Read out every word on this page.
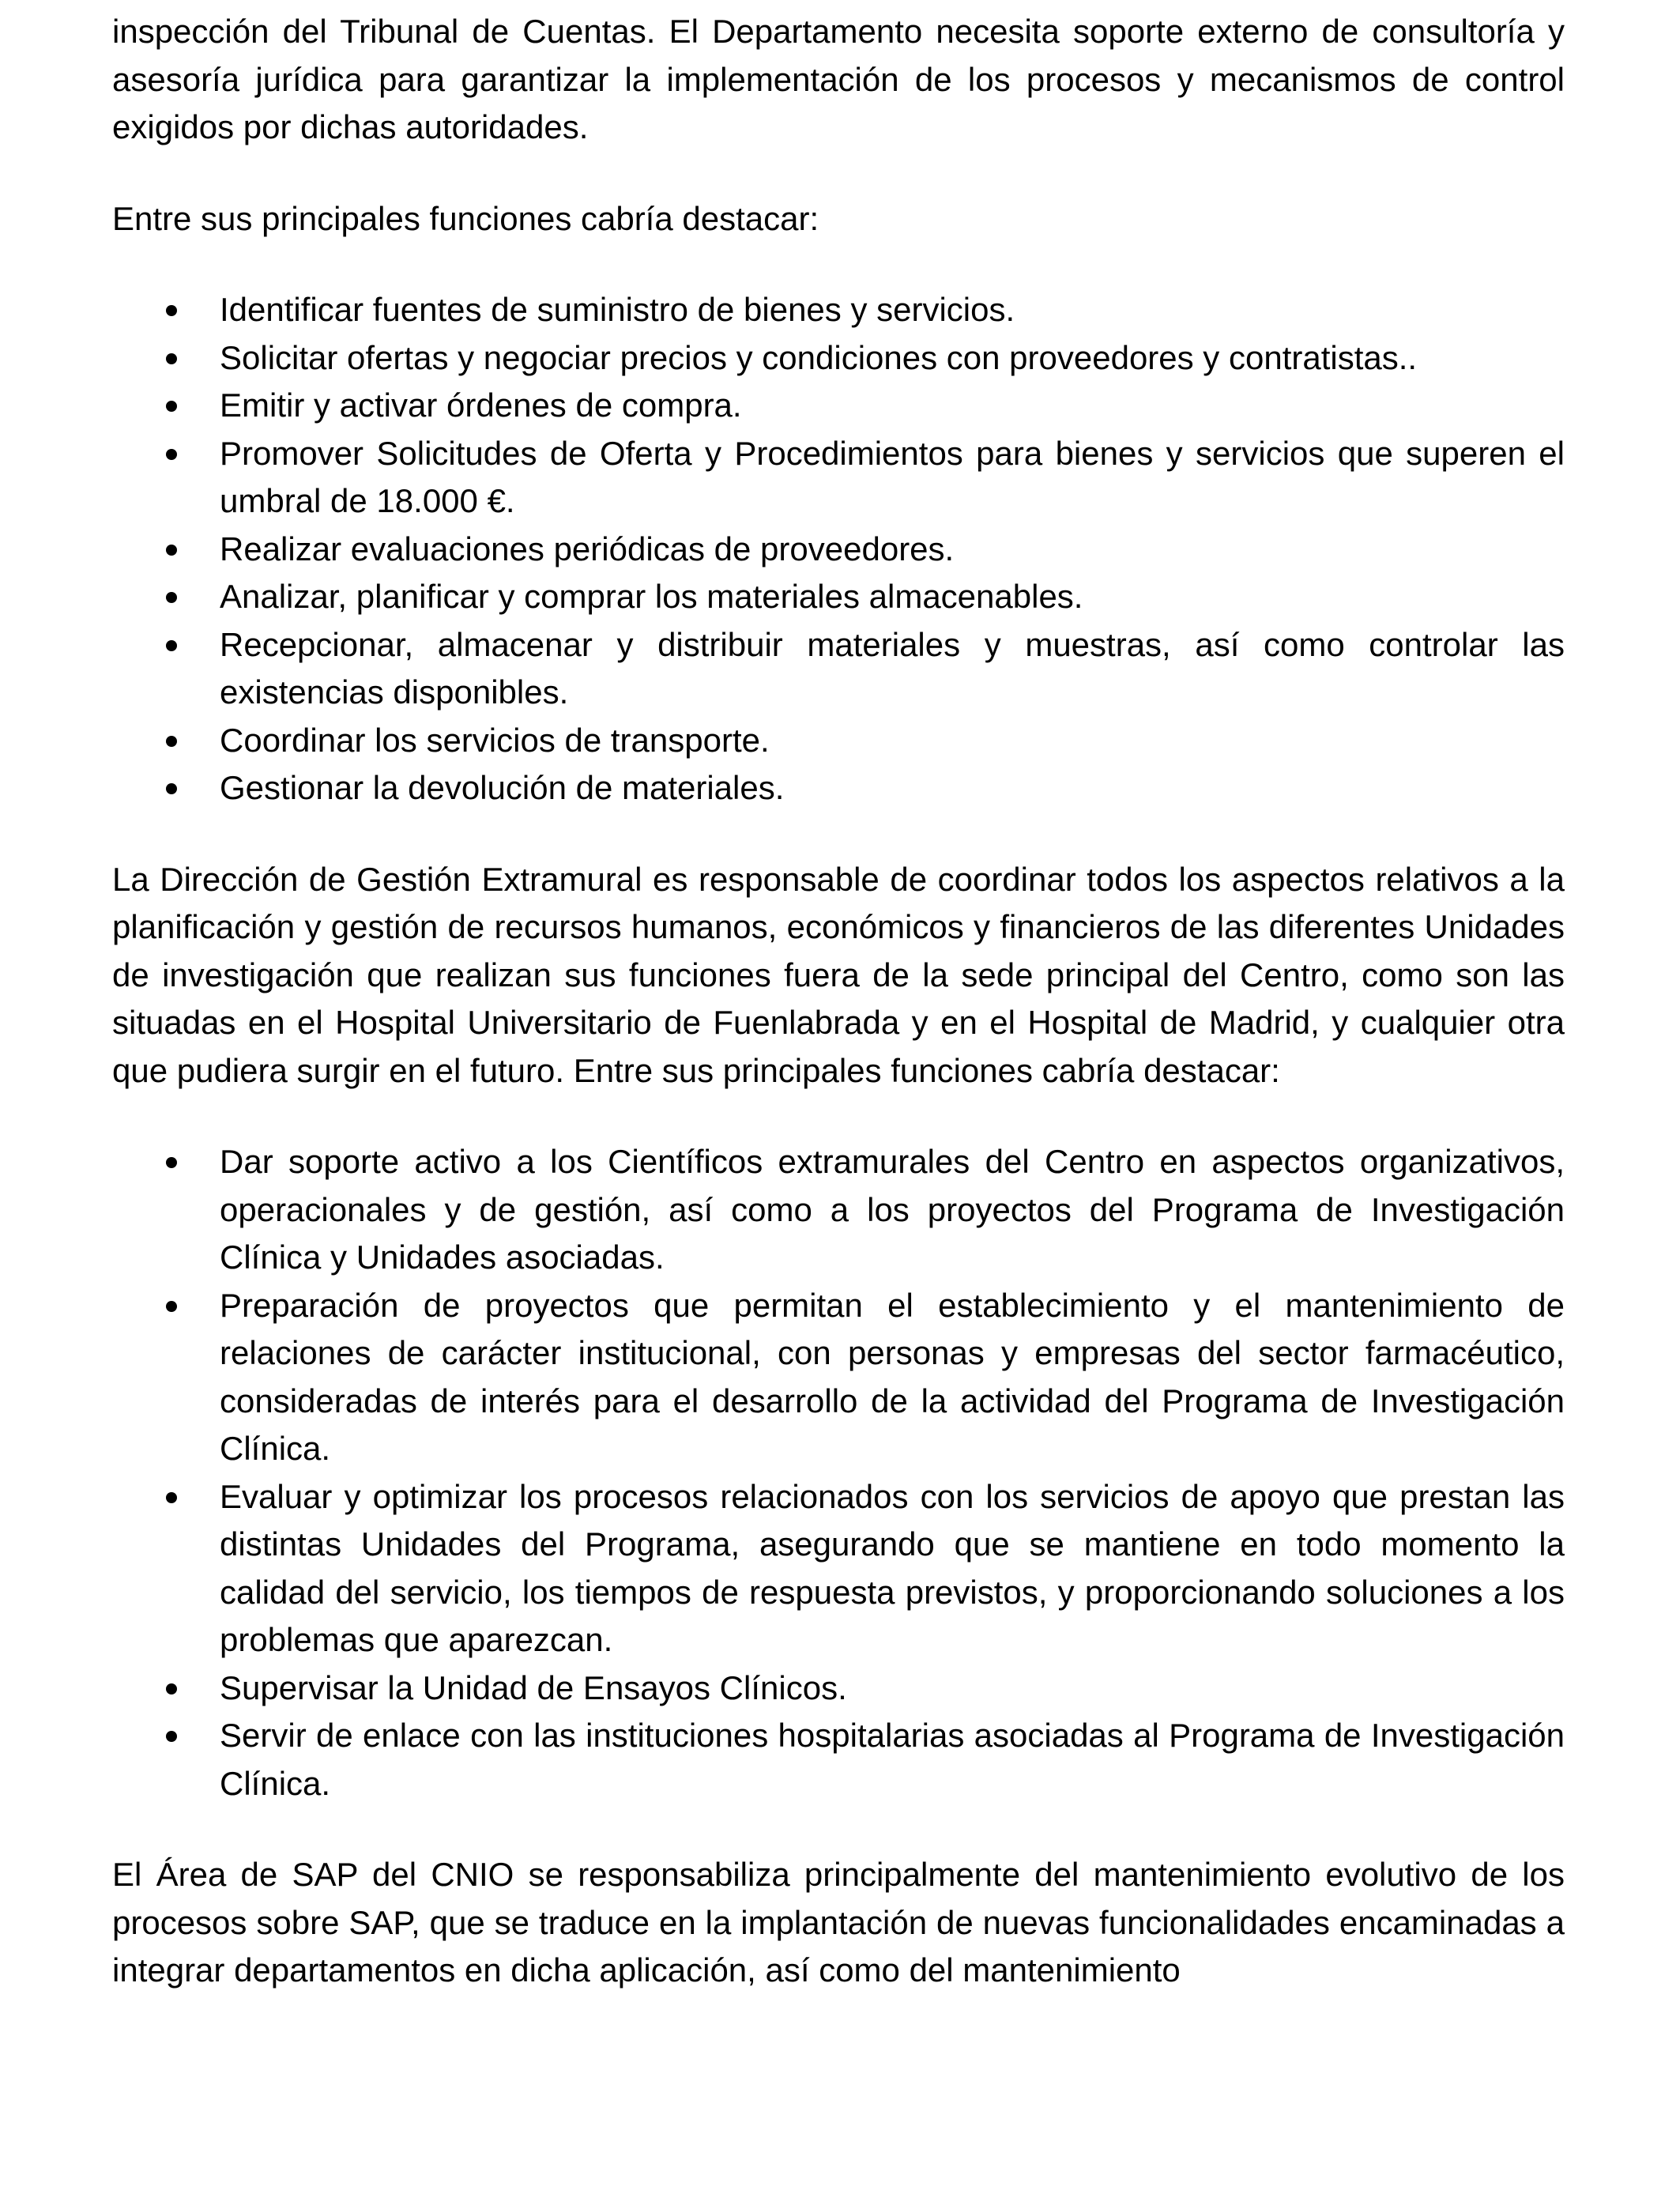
inspección del Tribunal de Cuentas. El Departamento necesita soporte externo de consultoría y asesoría jurídica para garantizar la implementación de los procesos y mecanismos de control exigidos por dichas autoridades.

Entre sus principales funciones cabría destacar:

Identificar fuentes de suministro de bienes y servicios.
Solicitar ofertas y negociar precios y condiciones con proveedores y contratistas..
Emitir y activar órdenes de compra.
Promover Solicitudes de Oferta y Procedimientos para bienes y servicios que superen el umbral de 18.000 €.
Realizar evaluaciones periódicas de proveedores.
Analizar, planificar y comprar los materiales almacenables.
Recepcionar, almacenar y distribuir materiales y muestras, así como controlar las existencias disponibles.
Coordinar los servicios de transporte.
Gestionar la devolución de materiales.

La Dirección de Gestión Extramural es responsable de coordinar todos los aspectos relativos a la planificación y gestión de recursos humanos, económicos y financieros de las diferentes Unidades de investigación que realizan sus funciones fuera de la sede principal del Centro, como son las situadas en el Hospital Universitario de Fuenlabrada y en el Hospital de Madrid, y cualquier otra que pudiera surgir en el futuro. Entre sus principales funciones cabría destacar:

Dar soporte activo a los Científicos extramurales del Centro en aspectos organizativos, operacionales y de gestión, así como a los proyectos del Programa de Investigación Clínica y Unidades asociadas.
Preparación de proyectos que permitan el establecimiento y el mantenimiento de relaciones de carácter institucional, con personas y empresas del sector farmacéutico, consideradas de interés para el desarrollo de la actividad del Programa de Investigación Clínica.
Evaluar y optimizar los procesos relacionados con los servicios de apoyo que prestan las distintas Unidades del Programa, asegurando que se mantiene en todo momento la calidad del servicio, los tiempos de respuesta previstos, y proporcionando soluciones a los problemas que aparezcan.
Supervisar la Unidad de Ensayos Clínicos.
Servir de enlace con las instituciones hospitalarias asociadas al Programa de Investigación Clínica.

El Área de SAP del CNIO se responsabiliza principalmente del mantenimiento evolutivo de los procesos sobre SAP, que se traduce en la implantación de nuevas funcionalidades encaminadas a integrar departamentos en dicha aplicación, así como del mantenimiento
